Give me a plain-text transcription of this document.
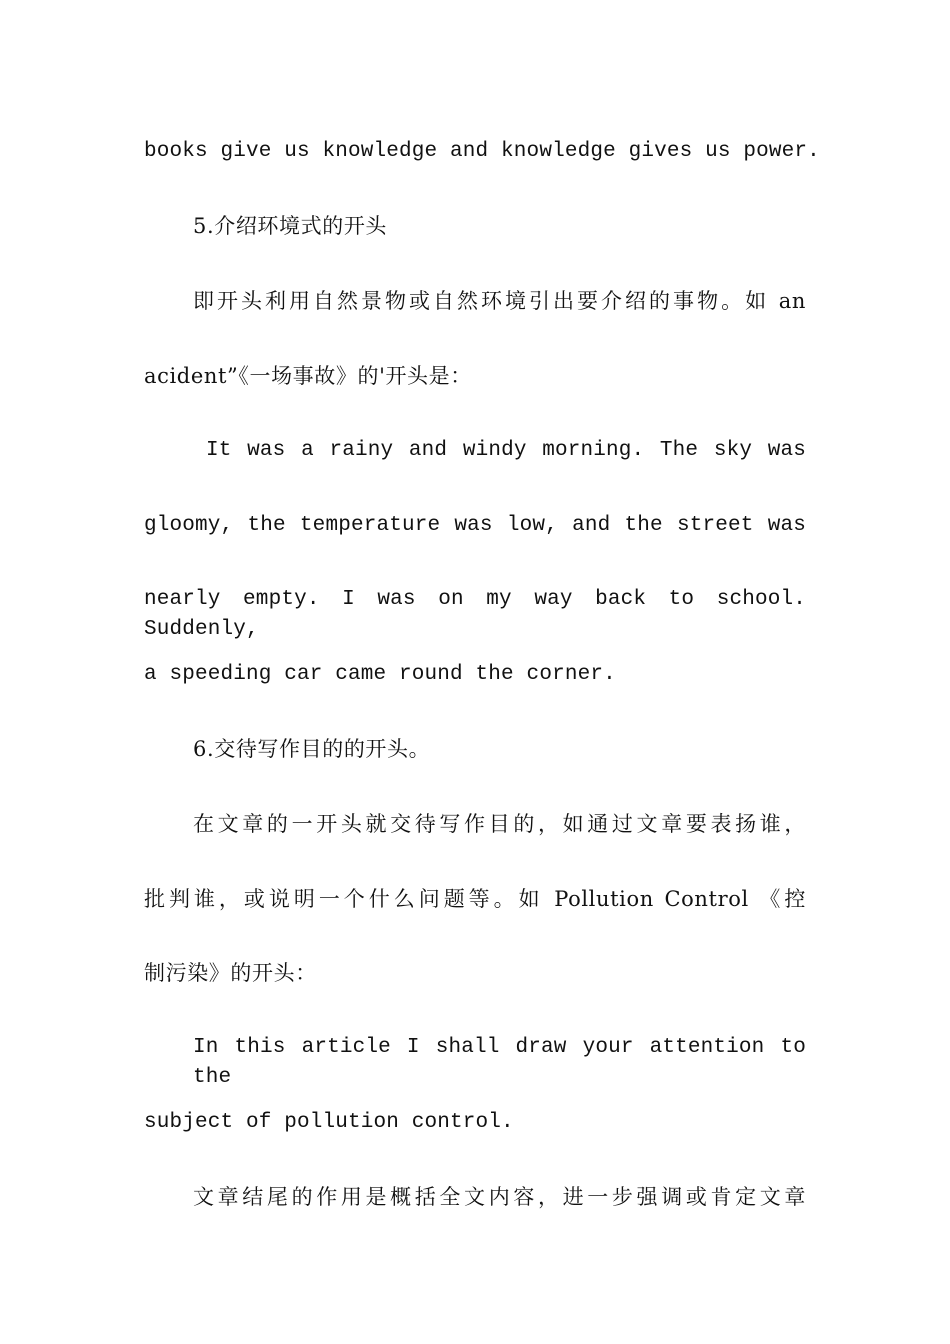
books give us knowledge and knowledge gives us power.
5.介绍环境式的开头
即开头利用自然景物或自然环境引出要介绍的事物。如 an
acident”《一场事故》的'开头是：
It was a rainy and windy morning. The sky was
gloomy, the temperature was low, and the street was
nearly empty. I was on my way back to school. Suddenly,
a speeding car came round the corner.
6.交待写作目的的开头。
在文章的一开头就交待写作目的，如通过文章要表扬谁，
批判谁，或说明一个什么问题等。如 Pollution Control 《控
制污染》的开头：
In this article I shall draw your attention to the
subject of pollution control.
文章结尾的作用是概括全文内容，进一步强调或肯定文章
